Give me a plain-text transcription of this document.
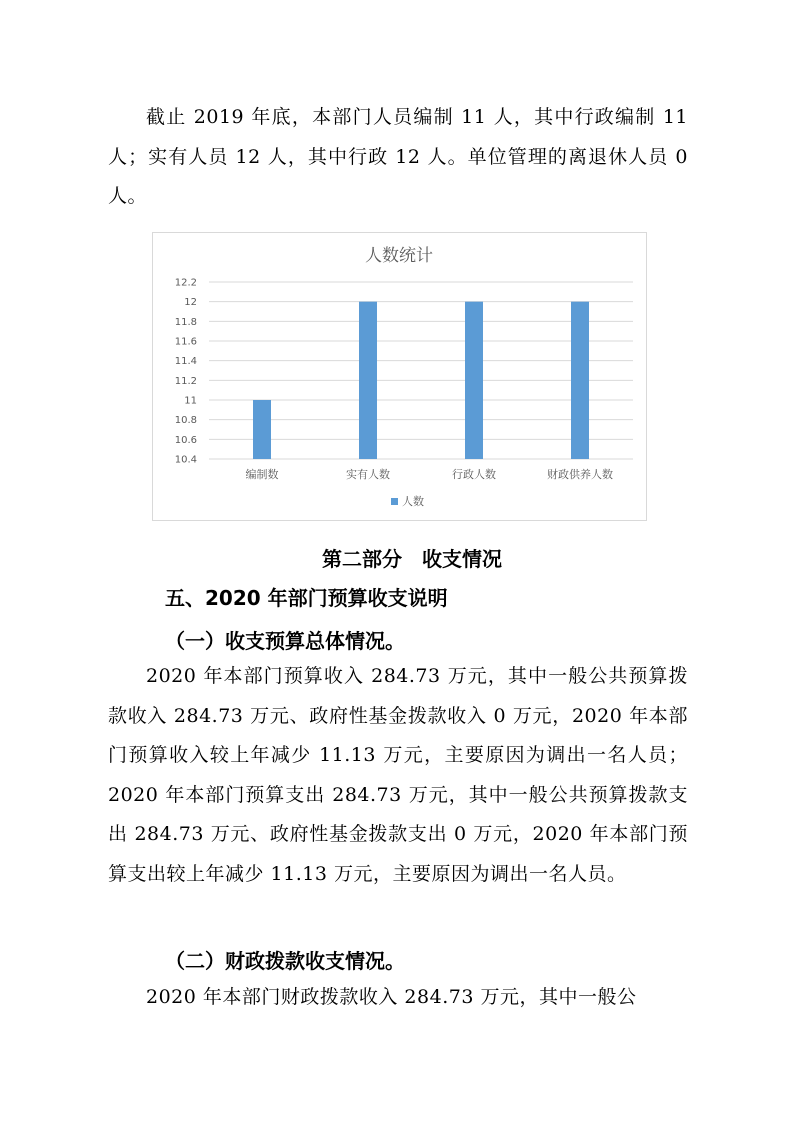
截止 2019 年底，本部门人员编制 11 人，其中行政编制 11 人；实有人员 12 人，其中行政 12 人。单位管理的离退休人员 0 人。

人数统计
10.4
10.6
10.8
11
11.2
11.4
11.6
11.8
12
12.2
编制数	实有人数	行政人数	财政供养人数
人数

第二部分　收支情况

五、2020 年部门预算收支说明

（一）收支预算总体情况。

2020 年本部门预算收入 284.73 万元，其中一般公共预算拨款收入 284.73 万元、政府性基金拨款收入 0 万元，2020 年本部门预算收入较上年减少 11.13 万元，主要原因为调出一名人员；2020 年本部门预算支出 284.73 万元，其中一般公共预算拨款支出 284.73 万元、政府性基金拨款支出 0 万元，2020 年本部门预算支出较上年减少 11.13 万元，主要原因为调出一名人员。

（二）财政拨款收支情况。

2020 年本部门财政拨款收入 284.73 万元，其中一般公
